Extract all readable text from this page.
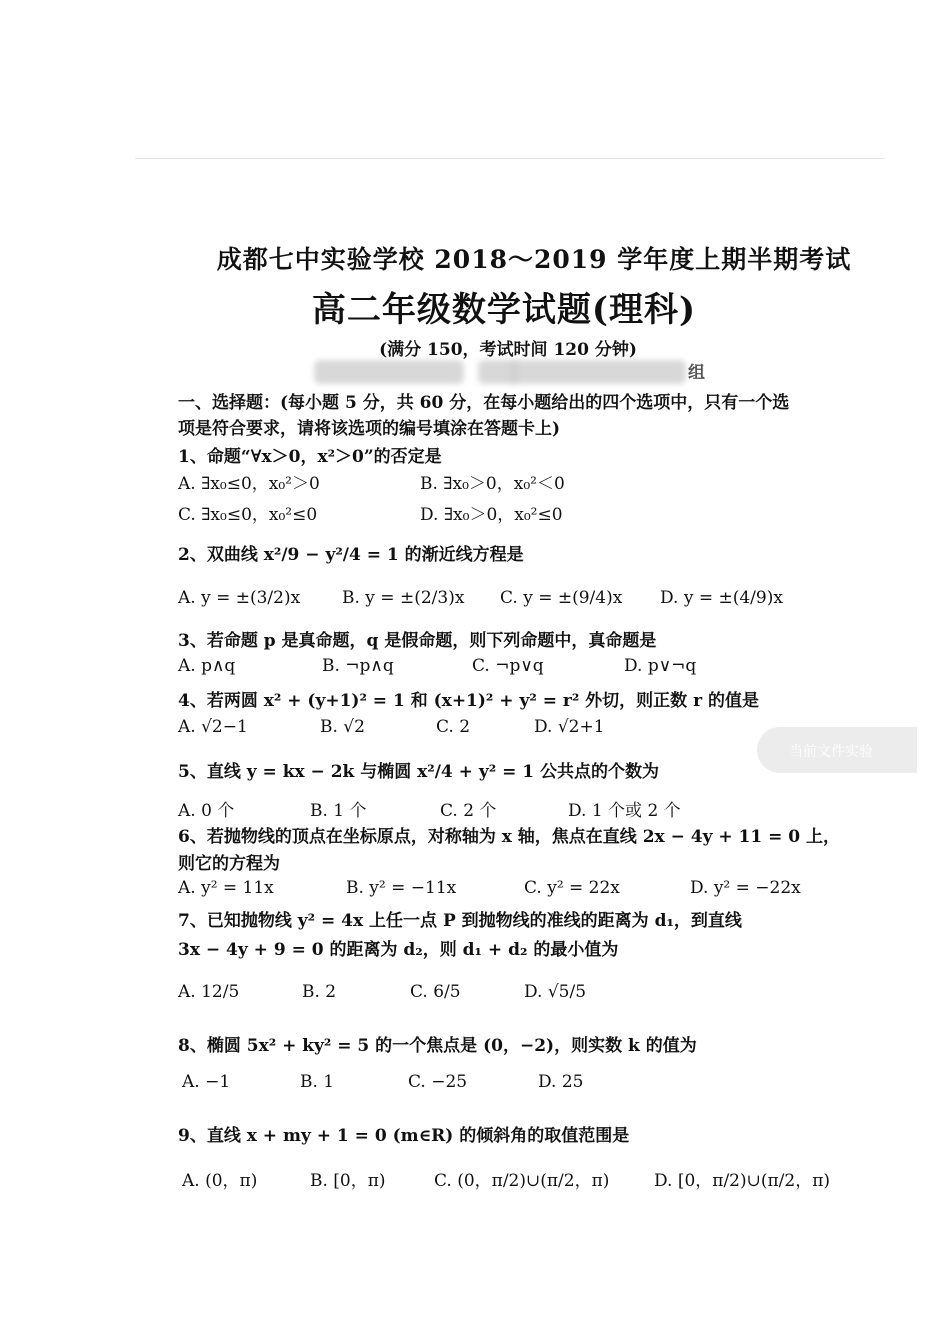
成都七中实验学校 2018～2019 学年度上期半期考试
高二年级数学试题(理科)
(满分 150，考试时间 120 分钟)
组
一、选择题：(每小题 5 分，共 60 分，在每小题给出的四个选项中，只有一个选
项是符合要求，请将该选项的编号填涂在答题卡上)
1、命题“∀x＞0，x²＞0”的否定是
A. ∃x₀≤0，x₀²＞0	B. ∃x₀＞0，x₀²＜0
C. ∃x₀≤0，x₀²≤0	D. ∃x₀＞0，x₀²≤0
2、双曲线 x²/9 − y²/4 = 1 的渐近线方程是
A. y = ±(3/2)x B. y = ±(2/3)x C. y = ±(9/4)x D. y = ±(4/9)x
3、若命题 p 是真命题，q 是假命题，则下列命题中，真命题是
A. p∧q	B. ¬p∧q	C. ¬p∨q	D. p∨¬q
4、若两圆 x² + (y+1)² = 1 和 (x+1)² + y² = r² 外切，则正数 r 的值是
A. √2−1	B. √2	C. 2	D. √2+1
5、直线 y = kx − 2k 与椭圆 x²/4 + y² = 1 公共点的个数为
A. 0 个	B. 1 个	C. 2 个	D. 1 个或 2 个
6、若抛物线的顶点在坐标原点，对称轴为 x 轴，焦点在直线 2x − 4y + 11 = 0 上，
则它的方程为
A. y² = 11x	B. y² = −11x	C. y² = 22x	D. y² = −22x
7、已知抛物线 y² = 4x 上任一点 P 到抛物线的准线的距离为 d₁，到直线
3x − 4y + 9 = 0 的距离为 d₂，则 d₁ + d₂ 的最小值为
A. 12/5	B. 2	C. 6/5	D. √5/5
8、椭圆 5x² + ky² = 5 的一个焦点是 (0，−2)，则实数 k 的值为
A. −1	B. 1	C. −25	D. 25
9、直线 x + my + 1 = 0 (m∈R) 的倾斜角的取值范围是
A. (0，π)	B. [0，π)	C. (0，π/2)∪(π/2，π)	D. [0，π/2)∪(π/2，π)
当前文件实验
